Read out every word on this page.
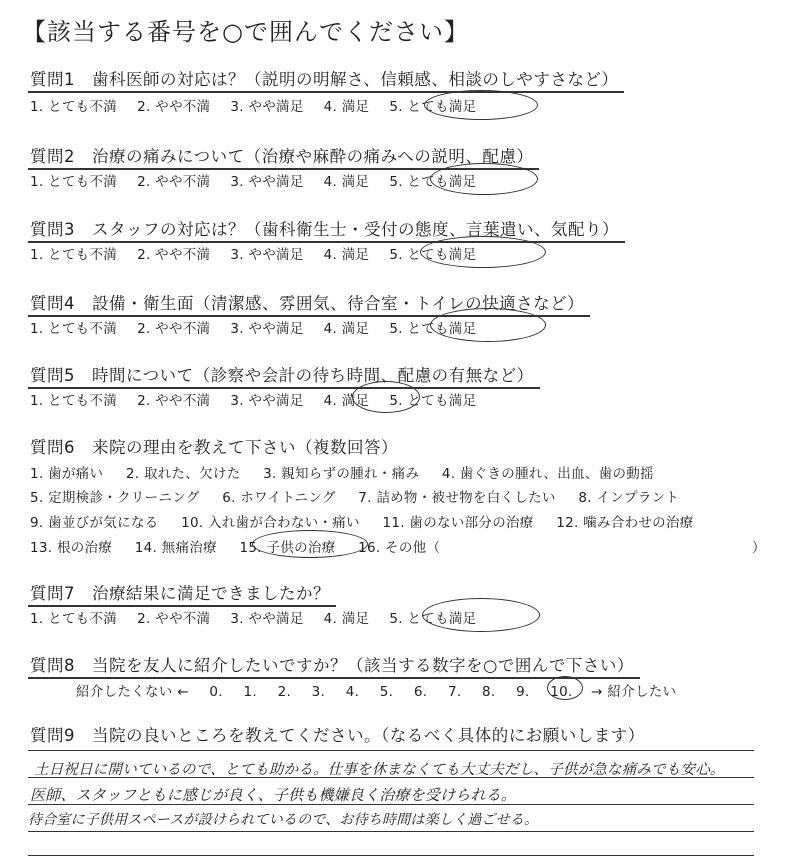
【該当する番号を○で囲んでください】
質問1　歯科医師の対応は？（説明の明解さ、信頼感、相談のしやすさなど）
1. とても不満 2. やや不満 3. やや満足 4. 満足 5. とても満足
質問2　治療の痛みについて（治療や麻酔の痛みへの説明、配慮）
1. とても不満 2. やや不満 3. やや満足 4. 満足 5. とても満足
質問3　スタッフの対応は？（歯科衛生士・受付の態度、言葉遣い、気配り）
1. とても不満 2. やや不満 3. やや満足 4. 満足 5. とても満足
質問4　設備・衛生面（清潔感、雰囲気、待合室・トイレの快適さなど）
1. とても不満 2. やや不満 3. やや満足 4. 満足 5. とても満足
質問5　時間について（診察や会計の待ち時間、配慮の有無など）
1. とても不満 2. やや不満 3. やや満足 4. 満足 5. とても満足
質問6　来院の理由を教えて下さい（複数回答）
1. 歯が痛い 2. 取れた、欠けた 3. 親知らずの腫れ・痛み 4. 歯ぐきの腫れ、出血、歯の動揺
5. 定期検診・クリーニング 6. ホワイトニング 7. 詰め物・被せ物を白くしたい 8. インプラント
9. 歯並びが気になる 10. 入れ歯が合わない・痛い 11. 歯のない部分の治療 12. 噛み合わせの治療
13. 根の治療 14. 無痛治療 15. 子供の治療 16. その他（	）
質問7　治療結果に満足できましたか？
1. とても不満 2. やや不満 3. やや満足 4. 満足 5. とても満足
質問8　当院を友人に紹介したいですか？（該当する数字を○で囲んで下さい）
紹介したくない ← 0. 1. 2. 3. 4. 5. 6. 7. 8. 9. 10. → 紹介したい
質問9　当院の良いところを教えてください。（なるべく具体的にお願いします）
土日祝日に開いているので、とても助かる。仕事を休まなくても大丈夫だし、子供が急な痛みでも安心。
医師、スタッフともに感じが良く、子供も機嫌良く治療を受けられる。
待合室に子供用スペースが設けられているので、お待ち時間は楽しく過ごせる。
